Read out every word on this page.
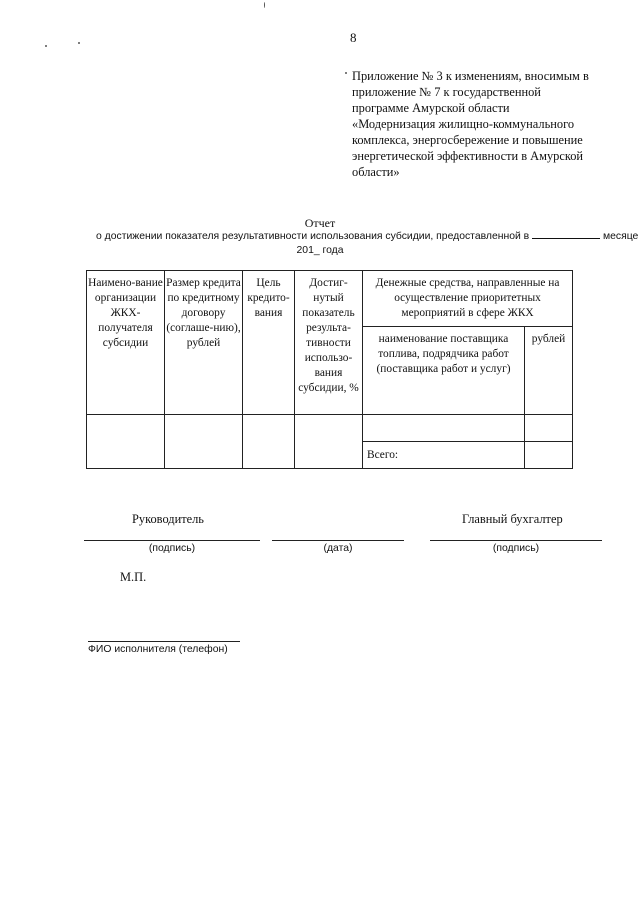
8
Приложение № 3 к изменениям, вносимым в
приложение № 7 к государственной
программе Амурской области
«Модернизация жилищно-коммунального
комплекса, энергосбережение и повышение
энергетической эффективности в Амурской
области»
Отчет
о достижении показателя результативности использования субсидии, предоставленной в	месяце
201_ года
Наимено-вание организации ЖКХ-получателя субсидии	Размер кредита по кредитному договору (соглаше-нию), рублей	Цель кредито-вания	Достиг-нутый показатель результа-тивности использо-вания субсидии, %	Денежные средства, направленные на осуществление приоритетных мероприятий в сфере ЖКХ	
				наименование поставщика топлива, подрядчика работ (поставщика работ и услуг)	рублей

				Всего:	
Руководитель	Главный бухгалтер
(подпись)	(дата)	(подпись)
М.П.
ФИО исполнителя (телефон)
